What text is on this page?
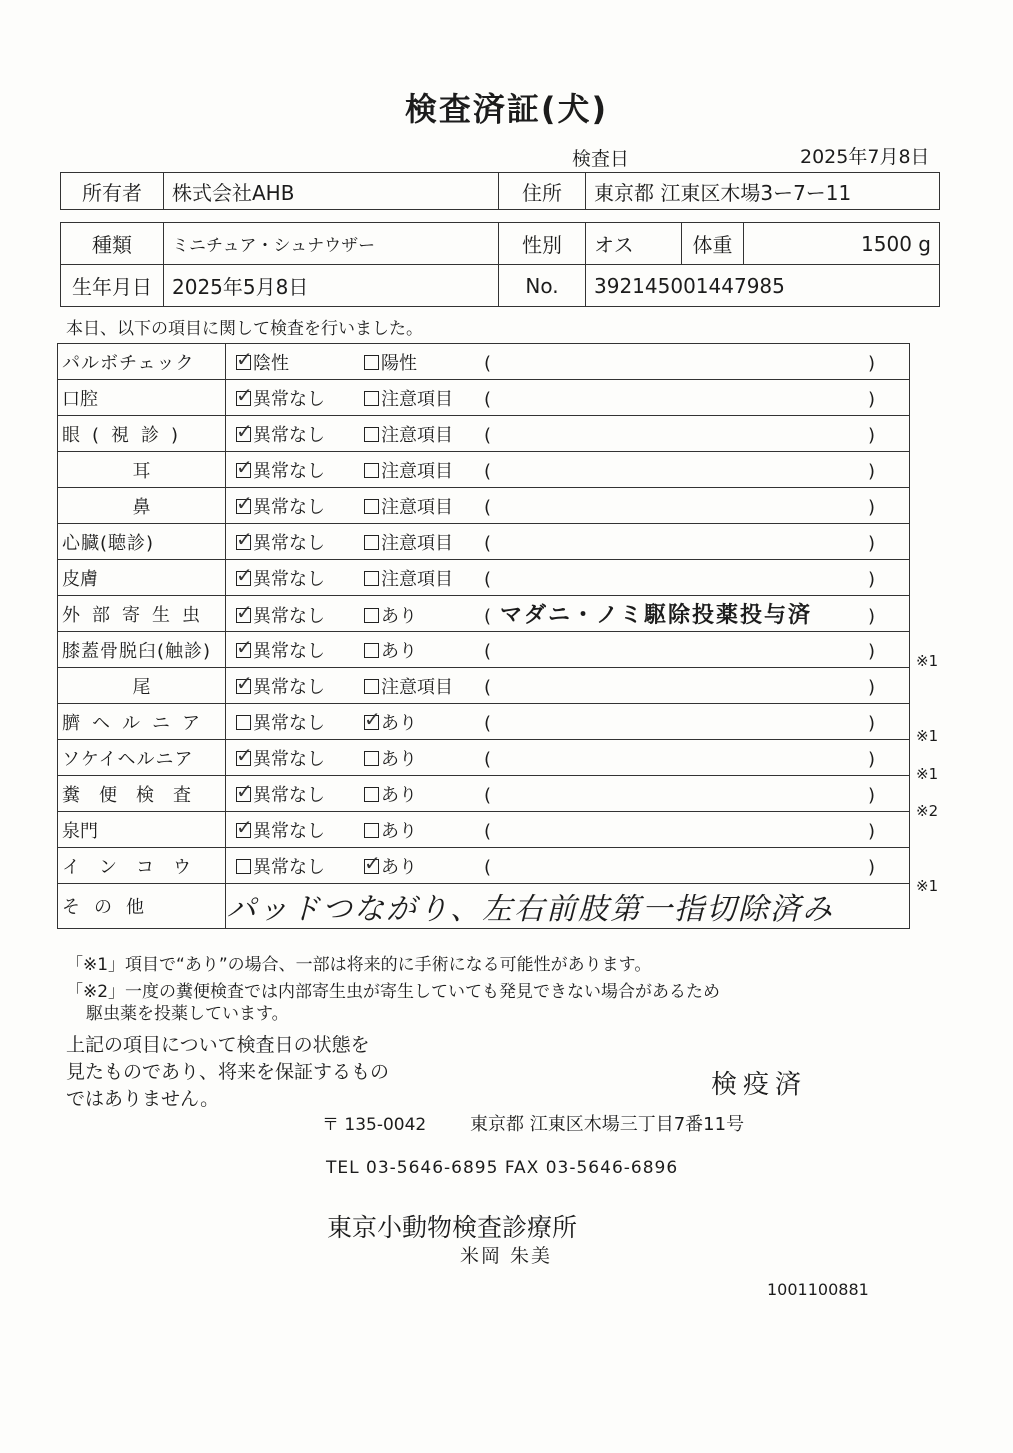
検査済証(犬)
検査日	2025年7月8日
所有者	株式会社AHB	住所	東京都 江東区木場3ー7ー11
種類	ミニチュア・シュナウザー	性別	オス	体重	1500 g
生年月日	2025年5月8日	No.	392145001447985		
本日、以下の項目に関して検査を行いました。
パルボチェック	✓陰性 陽性 ( )
口腔	✓異常なし 注意項目 ( )
眼(視診)	✓異常なし 注意項目 ( )
耳	✓異常なし 注意項目 ( )
鼻	✓異常なし 注意項目 ( )
心臓(聴診)	✓異常なし 注意項目 ( )
皮膚	✓異常なし 注意項目 ( )
外部寄生虫	✓異常なし あり ( マダニ・ノミ駆除投薬投与済 )
膝蓋骨脱臼(触診)	✓異常なし あり ( )
尾	✓異常なし 注意項目 ( )
臍ヘルニア	異常なし ✓ あり ( )
ソケイヘルニア	✓異常なし あり ( )
糞便検査	✓異常なし あり ( )
泉門	✓異常なし あり ( )
インコウ	異常なし ✓ あり ( )
その他	パッドつながり、左右前肢第一指切除済み
※1
※1
※1
※2
※1
「※1」項目で“あり”の場合、一部は将来的に手術になる可能性があります。
「※2」一度の糞便検査では内部寄生虫が寄生していても発見できない場合があるため
駆虫薬を投薬しています。
上記の項目について検査日の状態を
見たものであり、将来を保証するもの
ではありません。	検疫済
〒 135-0042 東京都 江東区木場三丁目7番11号
TEL 03-5646-6895 FAX 03-5646-6896
東京小動物検査診療所
米岡 朱美
1001100881
